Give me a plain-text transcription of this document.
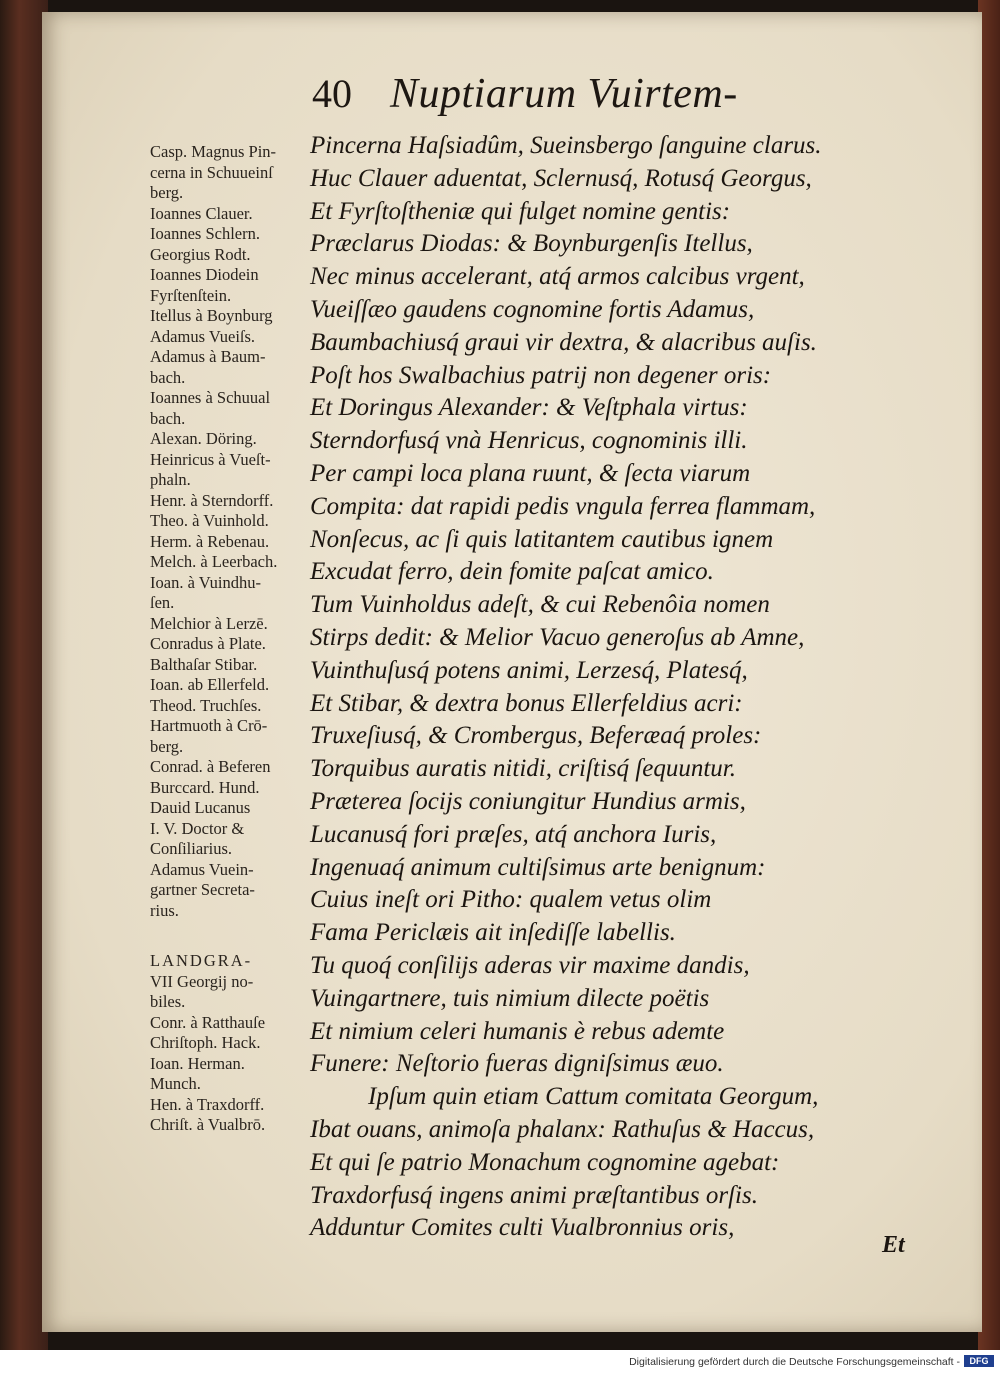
40 Nuptiarum Vuirtem-
Casp. Magnus Pin-
cerna in Schuueinſ
berg.
Ioannes Clauer.
Ioannes Schlern.
Georgius Rodt.
Ioannes Diodein
Fyrſtenſtein.
Itellus à Boynburg
Adamus Vueiſs.
Adamus à Baum-
bach.
Ioannes à Schuual
bach.
Alexan. Döring.
Heinricus à Vueſt-
phaln.
Henr. à Sterndorff.
Theo. à Vuinhold.
Herm. à Rebenau.
Melch. à Leerbach.
Ioan. à Vuindhu-
ſen.
Melchior à Lerzē.
Conradus à Plate.
Balthaſar Stibar.
Ioan. ab Ellerfeld.
Theod. Truchſes.
Hartmuoth à Crō-
berg.
Conrad. à Beferen
Burccard. Hund.
Dauid Lucanus
I. V. Doctor &
Conſiliarius.
Adamus Vuein-
gartner Secreta-
rius.
LANDGRA-
VII Georgij no-
biles.
Conr. à Ratthauſe
Chriſtoph. Hack.
Ioan. Herman.
Munch.
Hen. à Traxdorff.
Chriſt. à Vualbrō.
Pincerna Haſsiadûm, Sueinsbergo ſanguine clarus.
Huc Clauer aduentat, Sclernusq́, Rotusq́ Georgus,
Et Fyrſtoſtheniæ qui fulget nomine gentis:
Præclarus Diodas: & Boynburgenſis Itellus,
Nec minus accelerant, atq́ armos calcibus vrgent,
Vueiſſæo gaudens cognomine fortis Adamus,
Baumbachiusq́ graui vir dextra, & alacribus auſis.
Poſt hos Swalbachius patrij non degener oris:
Et Doringus Alexander: & Veſtphala virtus:
Sterndorfusq́ vnà Henricus, cognominis illi.
Per campi loca plana ruunt, & ſecta viarum
Compita: dat rapidi pedis vngula ferrea flammam,
Nonſecus, ac ſi quis latitantem cautibus ignem
Excudat ferro, dein fomite paſcat amico.
Tum Vuinholdus adeſt, & cui Rebenôia nomen
Stirps dedit: & Melior Vacuo generoſus ab Amne,
Vuinthuſusq́ potens animi, Lerzesq́, Platesq́,
Et Stibar, & dextra bonus Ellerfeldius acri:
Truxeſiusq́, & Crombergus, Beferæaq́ proles:
Torquibus auratis nitidi, criſtisq́ ſequuntur.
Præterea ſocijs coniungitur Hundius armis,
Lucanusq́ fori præſes, atq́ anchora Iuris,
Ingenuaq́ animum cultiſsimus arte benignum:
Cuius ineſt ori Pitho: qualem vetus olim
Fama Periclæis ait inſediſſe labellis.
Tu quoq́ conſilijs aderas vir maxime dandis,
Vuingartnere, tuis nimium dilecte poëtis
Et nimium celeri humanis è rebus ademte
Funere: Neſtorio fueras digniſsimus æuo.
Ipſum quin etiam Cattum comitata Georgum,
Ibat ouans, animoſa phalanx: Rathuſus & Haccus,
Et qui ſe patrio Monachum cognomine agebat:
Traxdorfusq́ ingens animi præſtantibus orſis.
Adduntur Comites culti Vualbronnius oris,
Et
Digitalisierung gefördert durch die Deutsche Forschungsgemeinschaft -	DFG
